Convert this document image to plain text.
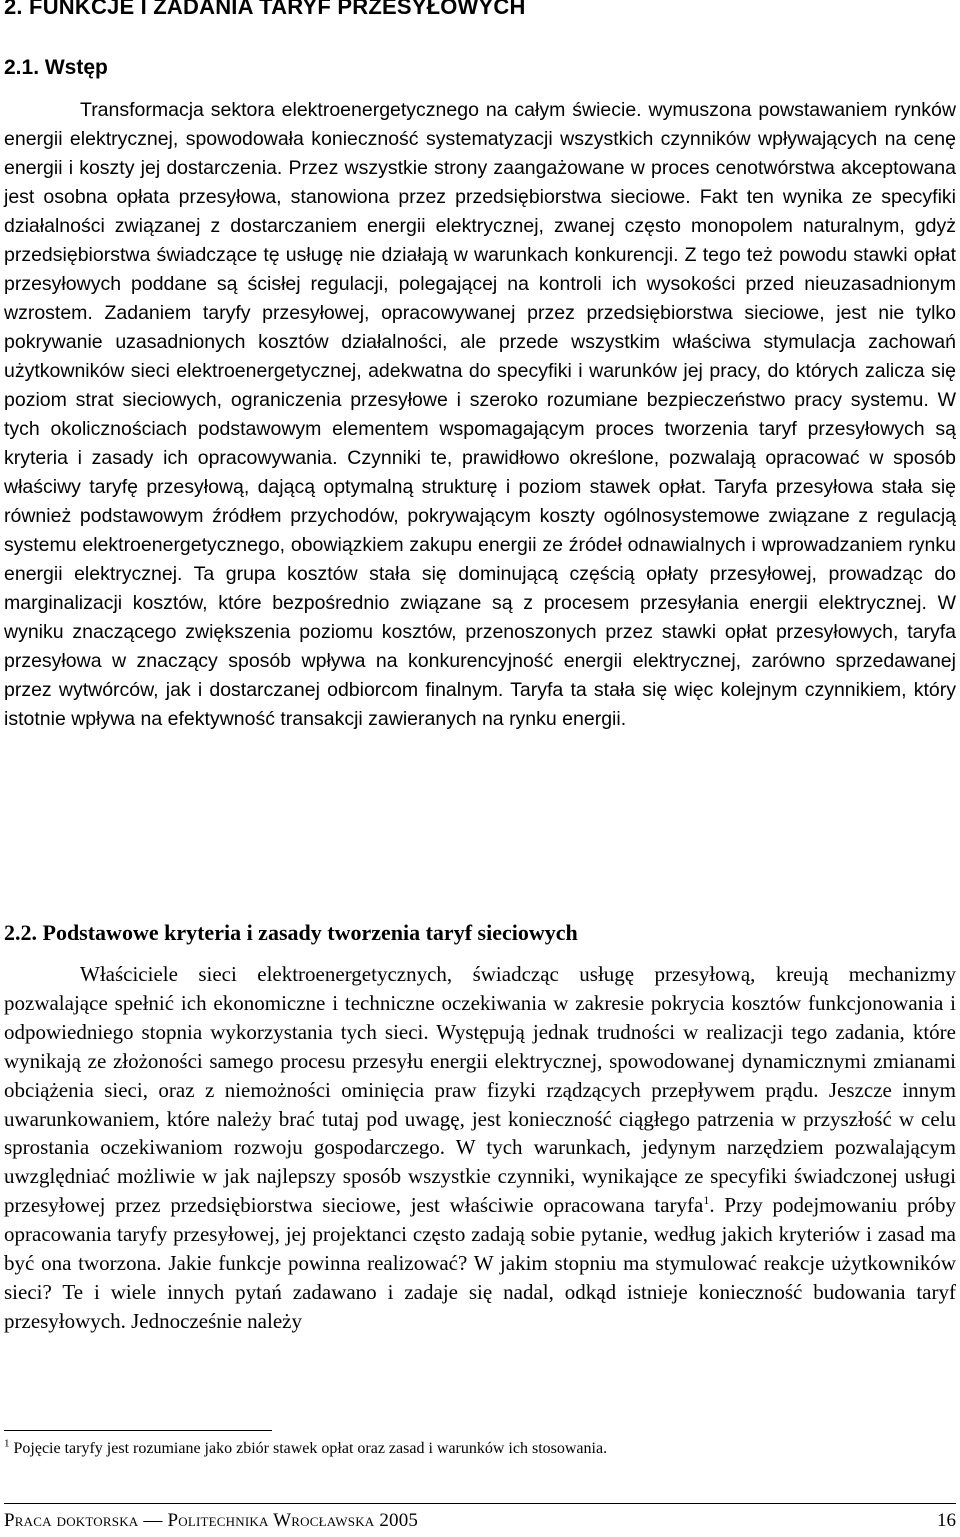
2. FUNKCJE I ZADANIA TARYF PRZESYŁOWYCH
2.1. Wstęp

Transformacja sektora elektroenergetycznego na całym świecie. wymuszona powstawaniem rynków energii elektrycznej, spowodowała konieczność systematyzacji wszystkich czynników wpływających na cenę energii i koszty jej dostarczenia. Przez wszystkie strony zaangażowane w proces cenotwórstwa akceptowana jest osobna opłata przesyłowa, stanowiona przez przedsiębiorstwa sieciowe. Fakt ten wynika ze specyfiki działalności związanej z dostarczaniem energii elektrycznej, zwanej często monopolem naturalnym, gdyż przedsiębiorstwa świadczące tę usługę nie działają w warunkach konkurencji. Z tego też powodu stawki opłat przesyłowych poddane są ścisłej regulacji, polegającej na kontroli ich wysokości przed nieuzasadnionym wzrostem. Zadaniem taryfy przesyłowej, opracowywanej przez przedsiębiorstwa sieciowe, jest nie tylko pokrywanie uzasadnionych kosztów działalności, ale przede wszystkim właściwa stymulacja zachowań użytkowników sieci elektroenergetycznej, adekwatna do specyfiki i warunków jej pracy, do których zalicza się poziom strat sieciowych, ograniczenia przesyłowe i szeroko rozumiane bezpieczeństwo pracy systemu. W tych okolicznościach podstawowym elementem wspomagającym proces tworzenia taryf przesyłowych są kryteria i zasady ich opracowywania. Czynniki te, prawidłowo określone, pozwalają opracować w sposób właściwy taryfę przesyłową, dającą optymalną strukturę i poziom stawek opłat. Taryfa przesyłowa stała się również podstawowym źródłem przychodów, pokrywającym koszty ogólnosystemowe związane z regulacją systemu elektroenergetycznego, obowiązkiem zakupu energii ze źródeł odnawialnych i wprowadzaniem rynku energii elektrycznej. Ta grupa kosztów stała się dominującą częścią opłaty przesyłowej, prowadząc do marginalizacji kosztów, które bezpośrednio związane są z procesem przesyłania energii elektrycznej. W wyniku znaczącego zwiększenia poziomu kosztów, przenoszonych przez stawki opłat przesyłowych, taryfa przesyłowa w znaczący sposób wpływa na konkurencyjność energii elektrycznej, zarówno sprzedawanej przez wytwórców, jak i dostarczanej odbiorcom finalnym. Taryfa ta stała się więc kolejnym czynnikiem, który istotnie wpływa na efektywność transakcji zawieranych na rynku energii.

2.2. Podstawowe kryteria i zasady tworzenia taryf sieciowych

Właściciele sieci elektroenergetycznych, świadcząc usługę przesyłową, kreują mechanizmy pozwalające spełnić ich ekonomiczne i techniczne oczekiwania w zakresie pokrycia kosztów funkcjonowania i odpowiedniego stopnia wykorzystania tych sieci. Występują jednak trudności w realizacji tego zadania, które wynikają ze złożoności samego procesu przesyłu energii elektrycznej, spowodowanej dynamicznymi zmianami obciążenia sieci, oraz z niemożności ominięcia praw fizyki rządzących przepływem prądu. Jeszcze innym uwarunkowaniem, które należy brać tutaj pod uwagę, jest konieczność ciągłego patrzenia w przyszłość w celu sprostania oczekiwaniom rozwoju gospodarczego. W tych warunkach, jedynym narzędziem pozwalającym uwzględniać możliwie w jak najlepszy sposób wszystkie czynniki, wynikające ze specyfiki świadczonej usługi przesyłowej przez przedsiębiorstwa sieciowe, jest właściwie opracowana taryfa$^1$. Przy podejmowaniu próby opracowania taryfy przesyłowej, jej projektanci często zadają sobie pytanie, według jakich kryteriów i zasad ma być ona tworzona. Jakie funkcje powinna realizować? W jakim stopniu ma stymulować reakcje użytkowników sieci? Te i wiele innych pytań zadawano i zadaje się nadal, odkąd istnieje konieczność budowania taryf przesyłowych. Jednocześnie należy

$^1$ Pojęcie taryfy jest rozumiane jako zbiór stawek opłat oraz zasad i warunków ich stosowania.

Praca doktorska — Politechnika Wrocławska 2005	16
